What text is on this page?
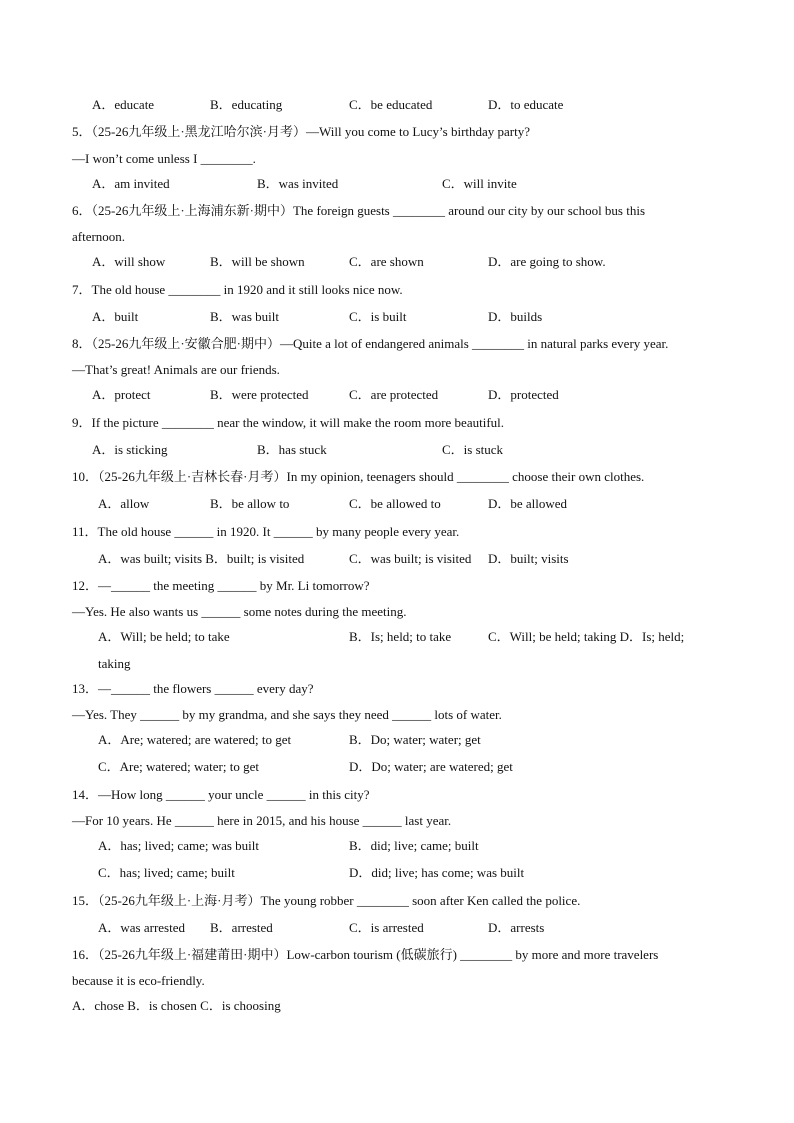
A．educate	B．educating	C．be educated	D．to educate
5．（25-26九年级上·黑龙江哈尔滨·月考）—Will you come to Lucy’s birthday party?
—I won’t come unless I ________.
A．am invited	B．was invited	C．will invite
6．（25-26九年级上·上海浦东新·期中）The foreign guests ________ around our city by our school bus this
afternoon.
A．will show	B．will be shown	C．are shown	D．are going to show.
7．The old house ________ in 1920 and it still looks nice now.
A．built	B．was built	C．is built	D．builds
8．（25-26九年级上·安徽合肥·期中）—Quite a lot of endangered animals ________ in natural parks every year.
—That’s great! Animals are our friends.
A．protect	B．were protected	C．are protected	D．protected
9．If the picture ________ near the window, it will make the room more beautiful.
A．is sticking	B．has stuck	C．is stuck
10．（25-26九年级上·吉林长春·月考）In my opinion, teenagers should ________ choose their own clothes.
A．allow	B．be allow to	C．be allowed to	D．be allowed
11．The old house ______ in 1920. It ______ by many people every year.
A．was built; visits B．built; is visited	C．was built; is visited D．built; visits
12．—______ the meeting ______ by Mr. Li tomorrow?
—Yes. He also wants us ______ some notes during the meeting.
A．Will; be held; to take	B．Is; held; to take	C．Will; be held; taking D．Is; held;
taking
13．—______ the flowers ______ every day?
—Yes. They ______ by my grandma, and she says they need ______ lots of water.
A．Are; watered; are watered; to get	B．Do; water; water; get
C．Are; watered; water; to get	D．Do; water; are watered; get
14．—How long ______ your uncle ______ in this city?
—For 10 years. He ______ here in 2015, and his house ______ last year.
A．has; lived; came; was built	B．did; live; came; built
C．has; lived; came; built	D．did; live; has come; was built
15．（25-26九年级上·上海·月考）The young robber ________ soon after Ken called the police.
A．was arrested B．arrested	C．is arrested	D．arrests
16．（25-26九年级上·福建莆田·期中）Low-carbon tourism (低碳旅行) ________ by more and more travelers
because it is eco-friendly.
A．chose B．is chosen C．is choosing
